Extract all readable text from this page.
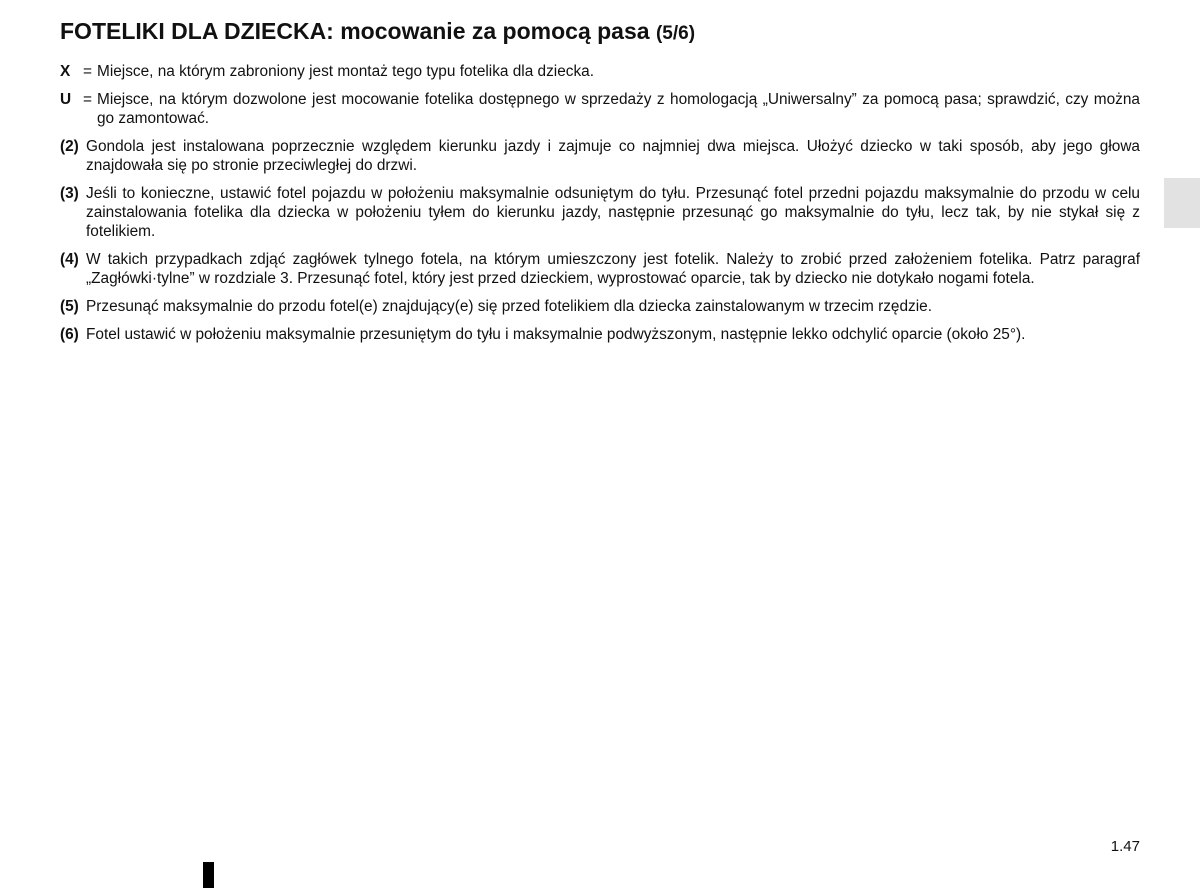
FOTELIKI DLA DZIECKA: mocowanie za pomocą pasa (5/6)
X = Miejsce, na którym zabroniony jest montaż tego typu fotelika dla dziecka.
U = Miejsce, na którym dozwolone jest mocowanie fotelika dostępnego w sprzedaży z homologacją „Uniwersalny” za pomocą pasa; sprawdzić, czy można go zamontować.
(2) Gondola jest instalowana poprzecznie względem kierunku jazdy i zajmuje co najmniej dwa miejsca. Ułożyć dziecko w taki sposób, aby jego głowa znajdowała się po stronie przeciwległej do drzwi.
(3) Jeśli to konieczne, ustawić fotel pojazdu w położeniu maksymalnie odsuniętym do tyłu. Przesunąć fotel przedni pojazdu maksymalnie do przodu w celu zainstalowania fotelika dla dziecka w położeniu tyłem do kierunku jazdy, następnie przesunąć go maksymalnie do tyłu, lecz tak, by nie stykał się z fotelikiem.
(4) W takich przypadkach zdjąć zagłówek tylnego fotela, na którym umieszczony jest fotelik. Należy to zrobić przed założeniem fotelika. Patrz paragraf „Zagłówki·tylne” w rozdziale 3. Przesunąć fotel, który jest przed dzieckiem, wyprostować oparcie, tak by dziecko nie dotykało nogami fotela.
(5) Przesunąć maksymalnie do przodu fotel(e) znajdujący(e) się przed fotelikiem dla dziecka zainstalowanym w trzecim rzędzie.
(6) Fotel ustawić w położeniu maksymalnie przesuniętym do tyłu i maksymalnie podwyższonym, następnie lekko odchylić oparcie (około 25°).
1.47
